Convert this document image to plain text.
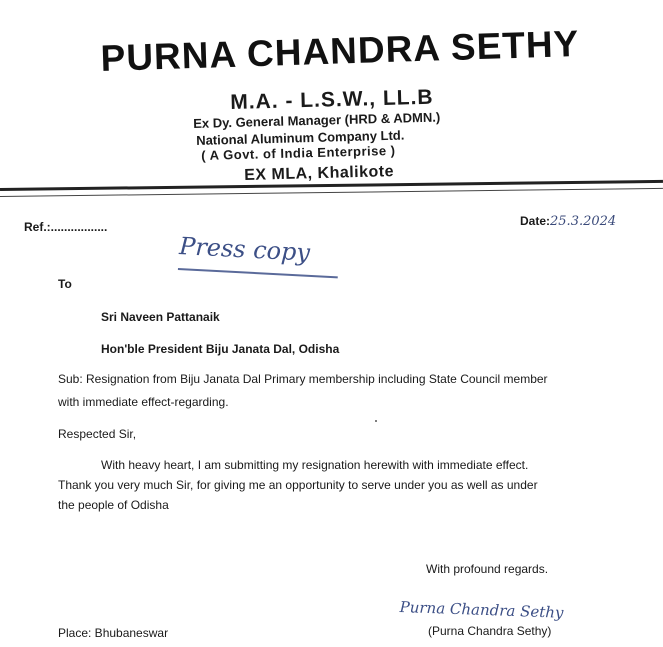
PURNA CHANDRA SETHY
M.A. - L.S.W., LL.B
Ex Dy. General Manager (HRD & ADMN.)
National Aluminum Company Ltd.
( A Govt. of India Enterprise )
EX MLA, Khalikote
Ref.:.................	Date:25.3.2024
Press copy
To
Sri Naveen Pattanaik
Hon'ble President Biju Janata Dal, Odisha
Sub: Resignation from Biju Janata Dal Primary membership including State Council member
with immediate effect-regarding.
Respected Sir,
With heavy heart, I am submitting my resignation herewith with immediate effect.
Thank you very much Sir, for giving me an opportunity to serve under you as well as under
the people of Odisha
With profound regards.
Purna Chandra Sethy
(Purna Chandra Sethy)
Place: Bhubaneswar
